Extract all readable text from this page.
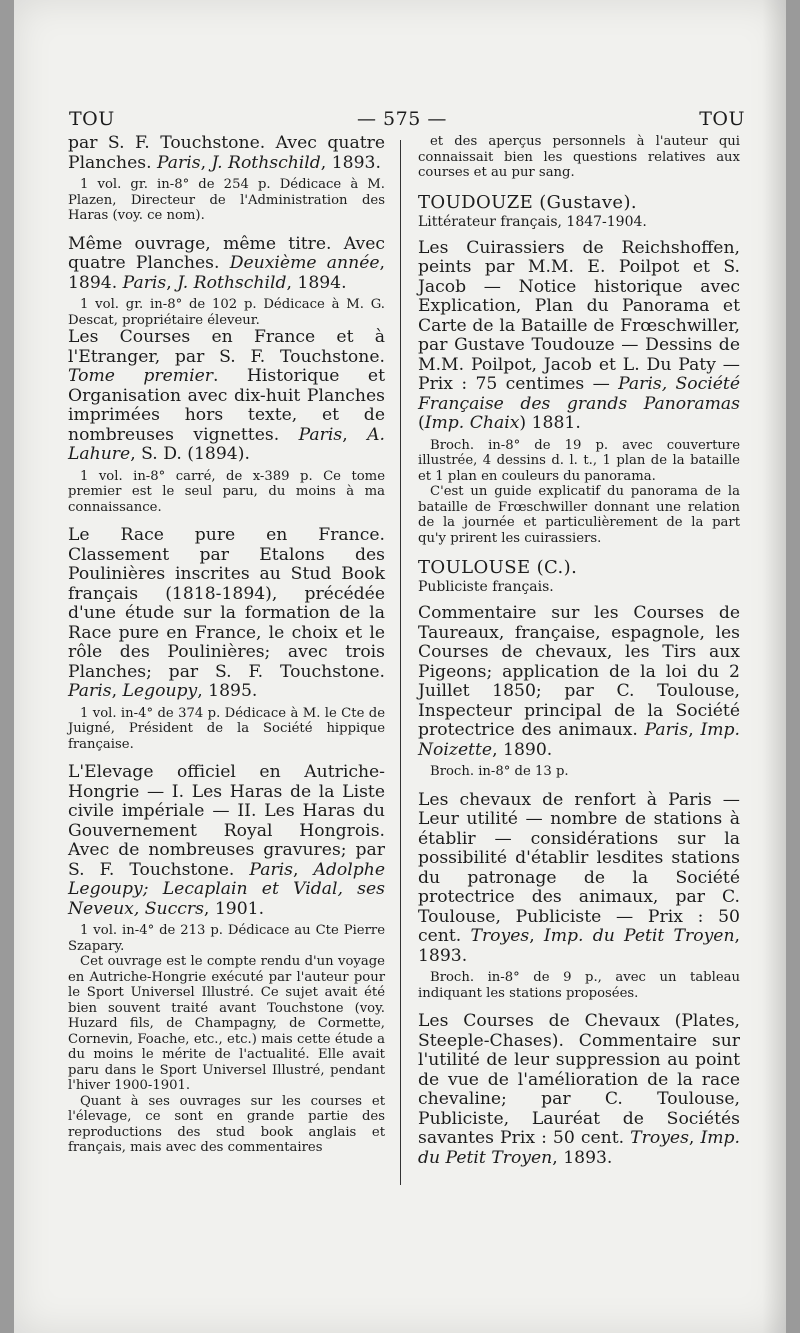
TOU	— 575 —	TOU

par S. F. Touchstone. Avec quatre Planches. Paris, J. Rothschild, 1893.

1 vol. gr. in-8° de 254 p. Dédicace à M. Plazen, Directeur de l'Administration des Haras (voy. ce nom).

Même ouvrage, même titre. Avec quatre Planches. Deuxième année, 1894. Paris, J. Rothschild, 1894.

1 vol. gr. in-8° de 102 p. Dédicace à M. G. Descat, propriétaire éleveur.

Les Courses en France et à l'Etranger, par S. F. Touchstone. Tome premier. Historique et Organisation avec dix-huit Planches imprimées hors texte, et de nombreuses vignettes. Paris, A. Lahure, S. D. (1894).

1 vol. in-8° carré, de x-389 p. Ce tome premier est le seul paru, du moins à ma connaissance.

Le Race pure en France. Classement par Etalons des Poulinières inscrites au Stud Book français (1818-1894), précédée d'une étude sur la formation de la Race pure en France, le choix et le rôle des Poulinières; avec trois Planches; par S. F. Touchstone. Paris, Legoupy, 1895.

1 vol. in-4° de 374 p. Dédicace à M. le Cte de Juigné, Président de la Société hippique française.

L'Elevage officiel en Autriche-Hongrie — I. Les Haras de la Liste civile impériale — II. Les Haras du Gouvernement Royal Hongrois. Avec de nombreuses gravures; par S. F. Touchstone. Paris, Adolphe Legoupy; Lecaplain et Vidal, ses Neveux, Succrs, 1901.

1 vol. in-4° de 213 p. Dédicace au Cte Pierre Szapary.

Cet ouvrage est le compte rendu d'un voyage en Autriche-Hongrie exécuté par l'auteur pour le Sport Universel Illustré. Ce sujet avait été bien souvent traité avant Touchstone (voy. Huzard fils, de Champagny, de Cormette, Cornevin, Foache, etc., etc.) mais cette étude a du moins le mérite de l'actualité. Elle avait paru dans le Sport Universel Illustré, pendant l'hiver 1900-1901.

Quant à ses ouvrages sur les courses et l'élevage, ce sont en grande partie des reproductions des stud book anglais et français, mais avec des commentaires

et des aperçus personnels à l'auteur qui connaissait bien les questions relatives aux courses et au pur sang.

TOUDOUZE (Gustave).

Littérateur français, 1847-1904.

Les Cuirassiers de Reichshoffen, peints par M.M. E. Poilpot et S. Jacob — Notice historique avec Explication, Plan du Panorama et Carte de la Bataille de Frœschwiller, par Gustave Toudouze — Dessins de M.M. Poilpot, Jacob et L. Du Paty — Prix : 75 centimes — Paris, Société Française des grands Panoramas (Imp. Chaix) 1881.

Broch. in-8° de 19 p. avec couverture illustrée, 4 dessins d. l. t., 1 plan de la bataille et 1 plan en couleurs du panorama.

C'est un guide explicatif du panorama de la bataille de Frœschwiller donnant une relation de la journée et particulièrement de la part qu'y prirent les cuirassiers.

TOULOUSE (C.).

Publiciste français.

Commentaire sur les Courses de Taureaux, française, espagnole, les Courses de chevaux, les Tirs aux Pigeons; application de la loi du 2 Juillet 1850; par C. Toulouse, Inspecteur principal de la Société protectrice des animaux. Paris, Imp. Noizette, 1890.

Broch. in-8° de 13 p.

Les chevaux de renfort à Paris — Leur utilité — nombre de stations à établir — considérations sur la possibilité d'établir lesdites stations du patronage de la Société protectrice des animaux, par C. Toulouse, Publiciste — Prix : 50 cent. Troyes, Imp. du Petit Troyen, 1893.

Broch. in-8° de 9 p., avec un tableau indiquant les stations proposées.

Les Courses de Chevaux (Plates, Steeple-Chases). Commentaire sur l'utilité de leur suppression au point de vue de l'amélioration de la race chevaline; par C. Toulouse, Publiciste, Lauréat de Sociétés savantes Prix : 50 cent. Troyes, Imp. du Petit Troyen, 1893.
